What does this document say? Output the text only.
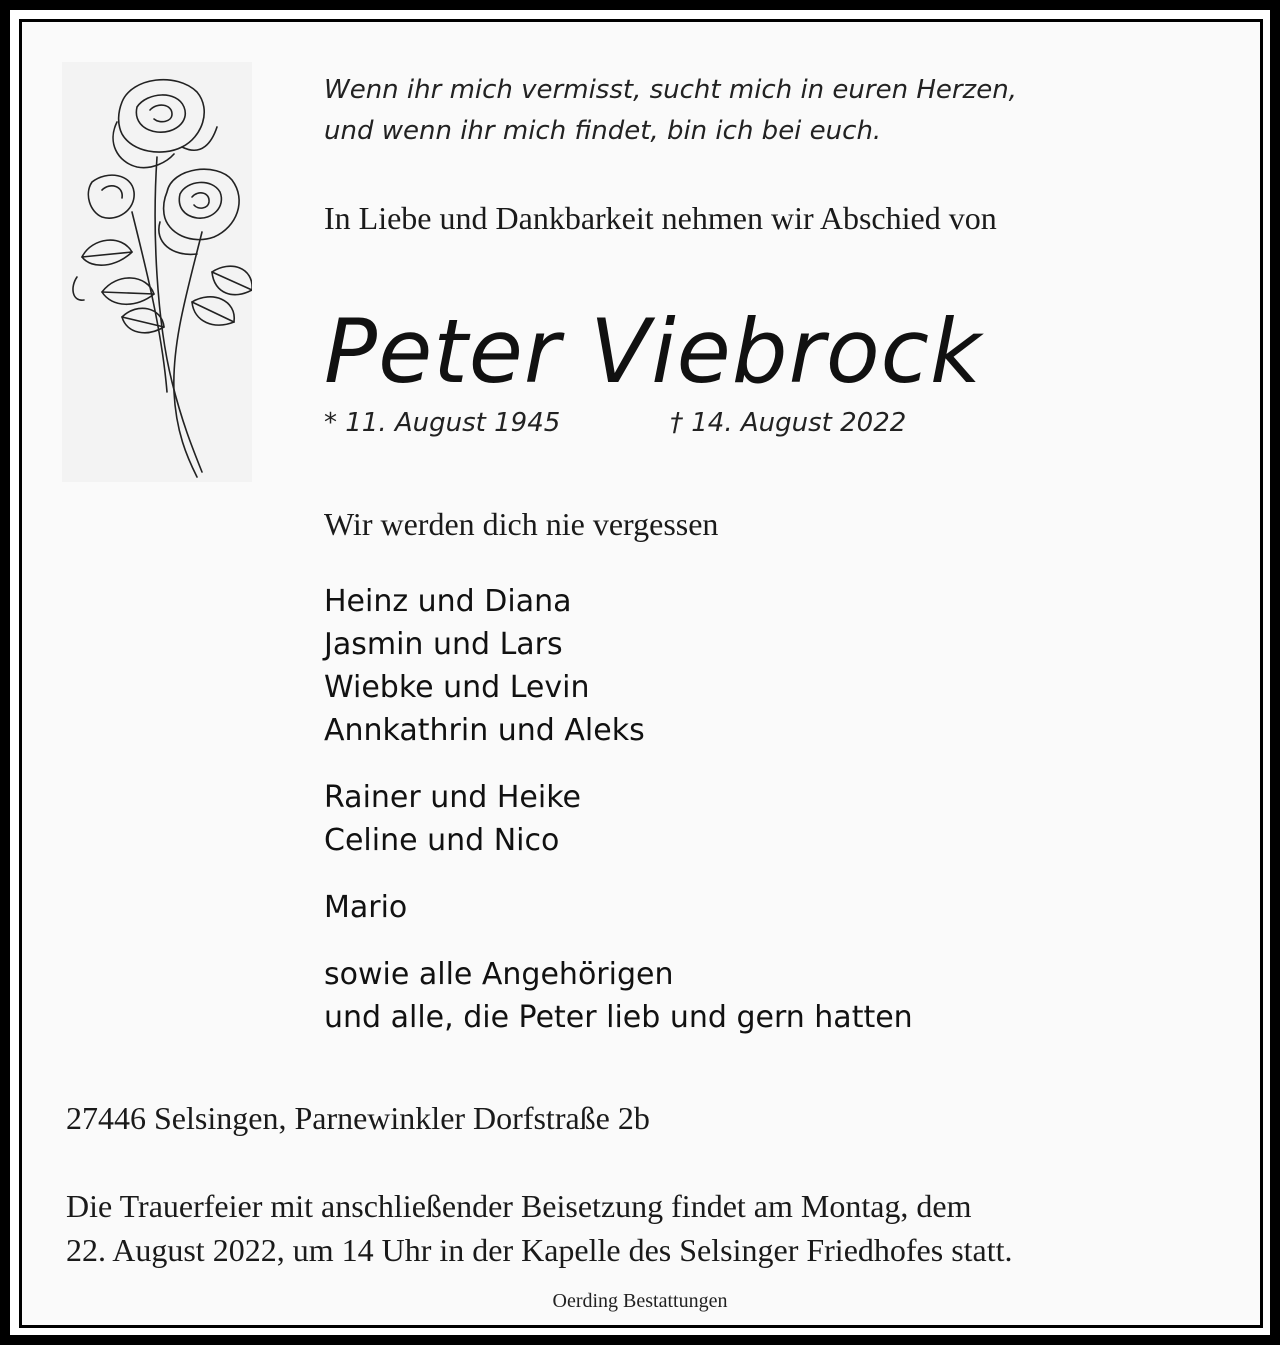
Wenn ihr mich vermisst, sucht mich in euren Herzen,
und wenn ihr mich findet, bin ich bei euch.
In Liebe und Dankbarkeit nehmen wir Abschied von
Peter Viebrock
* 11. August 1945	† 14. August 2022
Wir werden dich nie vergessen
Heinz und Diana
Jasmin und Lars
Wiebke und Levin
Annkathrin und Aleks
Rainer und Heike
Celine und Nico
Mario
sowie alle Angehörigen
und alle, die Peter lieb und gern hatten
27446 Selsingen, Parnewinkler Dorfstraße 2b
Die Trauerfeier mit anschließender Beisetzung findet am Montag, dem
22. August 2022, um 14 Uhr in der Kapelle des Selsinger Friedhofes statt.
Oerding Bestattungen
